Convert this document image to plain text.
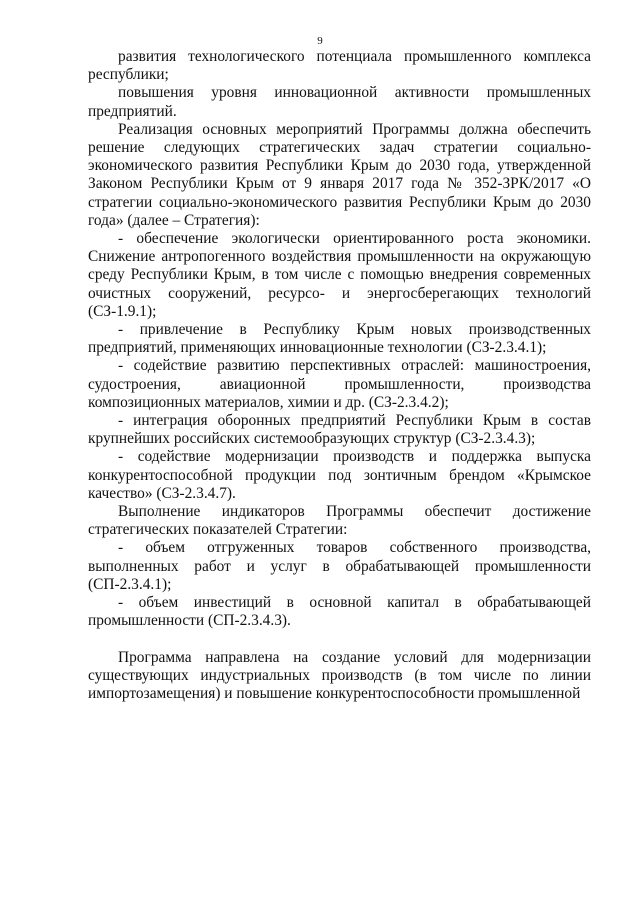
9

развития технологического потенциала промышленного комплекса республики;

повышения уровня инновационной активности промышленных предприятий.

Реализация основных мероприятий Программы должна обеспечить решение следующих стратегических задач стратегии социально-экономического развития Республики Крым до 2030 года, утвержденной Законом Республики Крым от 9 января 2017 года № 352-ЗРК/2017 «О стратегии социально-экономического развития Республики Крым до 2030 года» (далее – Стратегия):

- обеспечение экологически ориентированного роста экономики. Снижение антропогенного воздействия промышленности на окружающую среду Республики Крым, в том числе с помощью внедрения современных очистных сооружений, ресурсо- и энергосберегающих технологий (СЗ-1.9.1);

- привлечение в Республику Крым новых производственных предприятий, применяющих инновационные технологии (СЗ-2.3.4.1);

- содействие развитию перспективных отраслей: машиностроения, судостроения, авиационной промышленности, производства композиционных материалов, химии и др. (СЗ-2.3.4.2);

- интеграция оборонных предприятий Республики Крым в состав крупнейших российских системообразующих структур (СЗ-2.3.4.3);

- содействие модернизации производств и поддержка выпуска конкурентоспособной продукции под зонтичным брендом «Крымское качество» (СЗ-2.3.4.7).

Выполнение индикаторов Программы обеспечит достижение стратегических показателей Стратегии:

- объем отгруженных товаров собственного производства, выполненных работ и услуг в обрабатывающей промышленности (СП-2.3.4.1);

- объем инвестиций в основной капитал в обрабатывающей промышленности (СП-2.3.4.3).

Программа направлена на создание условий для модернизации существующих индустриальных производств (в том числе по линии импортозамещения) и повышение конкурентоспособности промышленной
